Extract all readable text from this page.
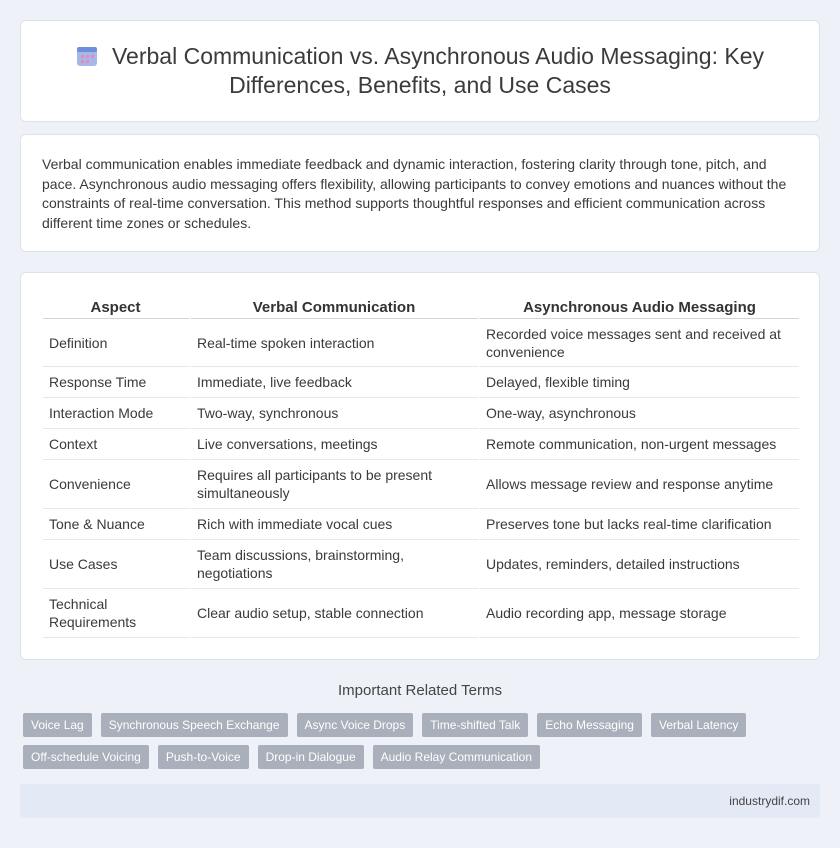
Verbal Communication vs. Asynchronous Audio Messaging: Key Differences, Benefits, and Use Cases

Verbal communication enables immediate feedback and dynamic interaction, fostering clarity through tone, pitch, and pace. Asynchronous audio messaging offers flexibility, allowing participants to convey emotions and nuances without the constraints of real-time conversation. This method supports thoughtful responses and efficient communication across different time zones or schedules.

Aspect	Verbal Communication	Asynchronous Audio Messaging
Definition	Real-time spoken interaction	Recorded voice messages sent and received at convenience
Response Time	Immediate, live feedback	Delayed, flexible timing
Interaction Mode	Two-way, synchronous	One-way, asynchronous
Context	Live conversations, meetings	Remote communication, non-urgent messages
Convenience	Requires all participants to be present simultaneously	Allows message review and response anytime
Tone & Nuance	Rich with immediate vocal cues	Preserves tone but lacks real-time clarification
Use Cases	Team discussions, brainstorming, negotiations	Updates, reminders, detailed instructions
Technical Requirements	Clear audio setup, stable connection	Audio recording app, message storage
Important Related Terms
Voice Lag	Synchronous Speech Exchange	Async Voice Drops	Time-shifted Talk	Echo Messaging	Verbal Latency
Off-schedule Voicing	Push-to-Voice	Drop-in Dialogue	Audio Relay Communication
industrydif.com
